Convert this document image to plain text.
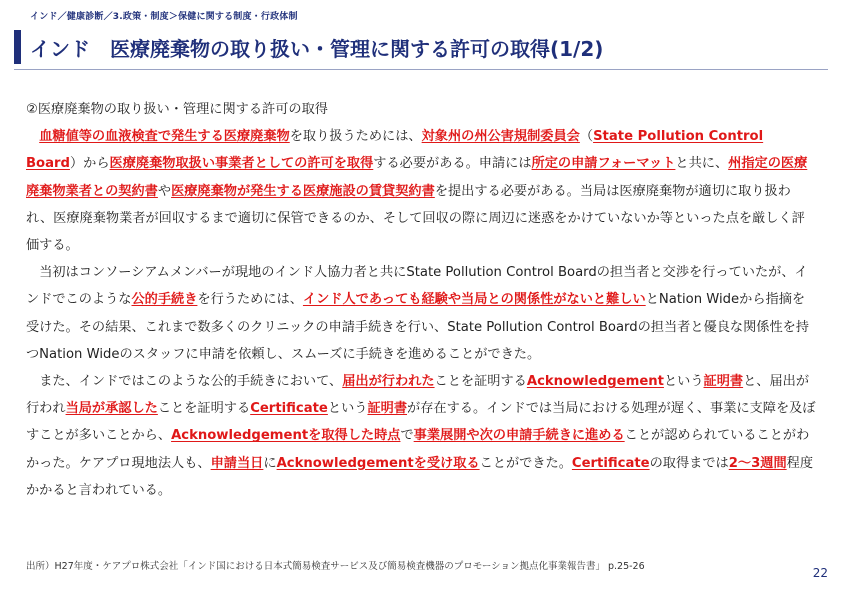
インド／健康診断／3.政策・制度＞保健に関する制度・行政体制
インド　医療廃棄物の取り扱い・管理に関する許可の取得(1/2)

②医療廃棄物の取り扱い・管理に関する許可の取得

血糖値等の血液検査で発生する医療廃棄物を取り扱うためには、対象州の州公害規制委員会（State Pollution Control Board）から医療廃棄物取扱い事業者としての許可を取得する必要がある。申請には所定の申請フォーマットと共に、州指定の医療廃棄物業者との契約書や医療廃棄物が発生する医療施設の賃貸契約書を提出する必要がある。当局は医療廃棄物が適切に取り扱われ、医療廃棄物業者が回収するまで適切に保管できるのか、そして回収の際に周辺に迷惑をかけていないか等といった点を厳しく評価する。

当初はコンソーシアムメンバーが現地のインド人協力者と共にState Pollution Control Boardの担当者と交渉を行っていたが、インドでこのような公的手続きを行うためには、インド人であっても経験や当局との関係性がないと難しいとNation Wideから指摘を受けた。その結果、これまで数多くのクリニックの申請手続きを行い、State Pollution Control Boardの担当者と優良な関係性を持つNation Wideのスタッフに申請を依頼し、スムーズに手続きを進めることができた。

また、インドではこのような公的手続きにおいて、届出が行われたことを証明するAcknowledgementという証明書と、届出が行われ当局が承認したことを証明するCertificateという証明書が存在する。インドでは当局における処理が遅く、事業に支障を及ぼすことが多いことから、Acknowledgementを取得した時点で事業展開や次の申請手続きに進めることが認められていることがわかった。ケアプロ現地法人も、申請当日にAcknowledgementを受け取ることができた。Certificateの取得までは2～3週間程度かかると言われている。

出所）H27年度・ケアプロ株式会社「インド国における日本式簡易検査サービス及び簡易検査機器のプロモーション拠点化事業報告書」 p.25-26	22
